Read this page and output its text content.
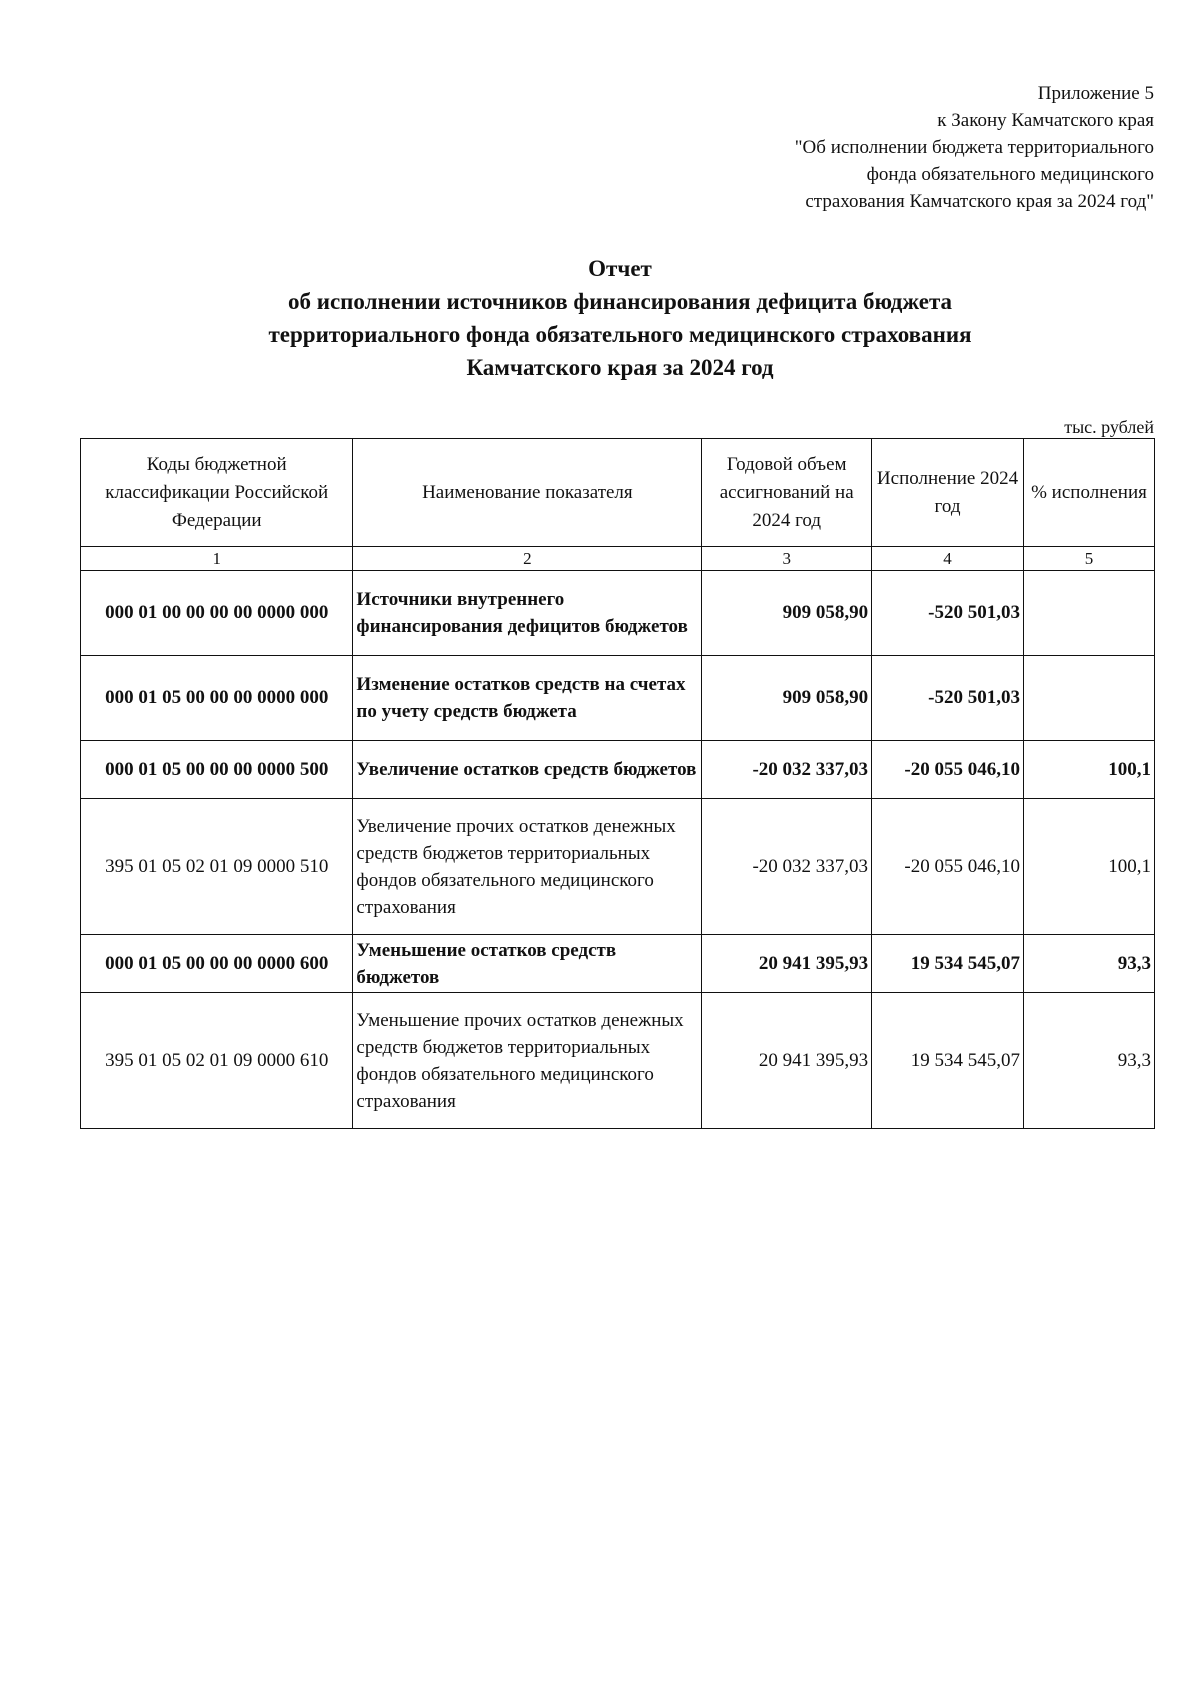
Приложение 5
к Закону Камчатского края
"Об исполнении бюджета территориального
фонда обязательного медицинского
страхования Камчатского края за 2024 год"
Отчет
об исполнении источников финансирования дефицита бюджета
территориального фонда обязательного медицинского страхования
Камчатского края за 2024 год
тыс. рублей
Коды бюджетной классификации Российской Федерации	Наименование показателя	Годовой объем ассигнований на 2024 год	Исполнение 2024 год	% исполнения
1	2	3	4	5
000 01 00 00 00 00 0000 000	Источники внутреннего финансирования дефицитов бюджетов	909 058,90	-520 501,03	
000 01 05 00 00 00 0000 000	Изменение остатков средств на счетах по учету средств бюджета	909 058,90	-520 501,03	
000 01 05 00 00 00 0000 500	Увеличение остатков средств бюджетов	-20 032 337,03	-20 055 046,10	100,1
395 01 05 02 01 09 0000 510	Увеличение прочих остатков денежных средств бюджетов территориальных фондов обязательного медицинского страхования	-20 032 337,03	-20 055 046,10	100,1
000 01 05 00 00 00 0000 600	Уменьшение остатков средств бюджетов	20 941 395,93	19 534 545,07	93,3
395 01 05 02 01 09 0000 610	Уменьшение прочих остатков денежных средств бюджетов территориальных фондов обязательного медицинского страхования	20 941 395,93	19 534 545,07	93,3
